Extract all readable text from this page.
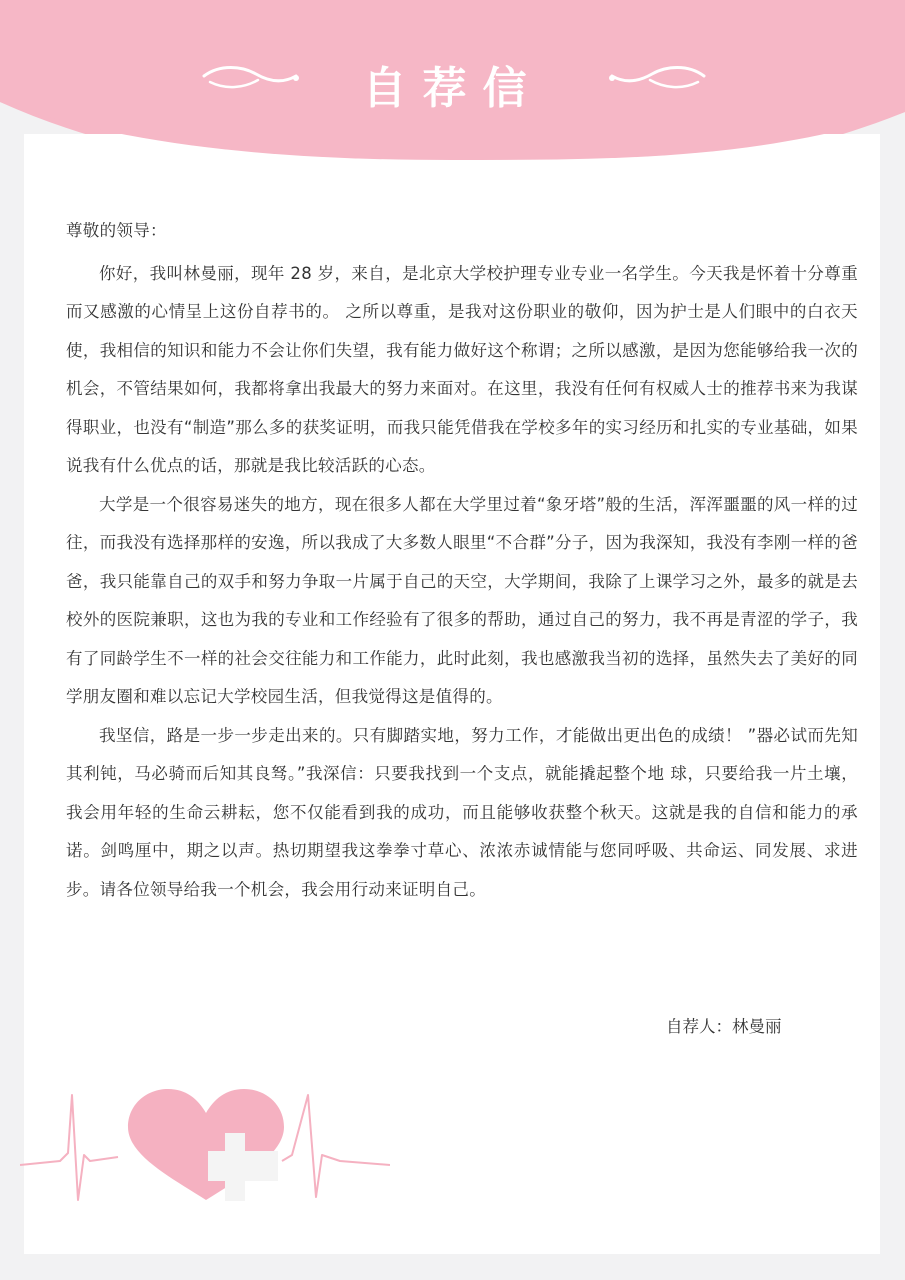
自荐信

尊敬的领导：

你好，我叫林曼丽，现年 28 岁，来自，是北京大学校护理专业专业一名学生。今天我是怀着十分尊重而又感激的心情呈上这份自荐书的。 之所以尊重，是我对这份职业的敬仰，因为护士是人们眼中的白衣天使，我相信的知识和能力不会让你们失望，我有能力做好这个称谓；之所以感激，是因为您能够给我一次的机会，不管结果如何，我都将拿出我最大的努力来面对。在这里，我没有任何有权威人士的推荐书来为我谋得职业，也没有“制造”那么多的获奖证明，而我只能凭借我在学校多年的实习经历和扎实的专业基础，如果说我有什么优点的话，那就是我比较活跃的心态。

大学是一个很容易迷失的地方，现在很多人都在大学里过着“象牙塔”般的生活，浑浑噩噩的风一样的过往，而我没有选择那样的安逸，所以我成了大多数人眼里“不合群”分子，因为我深知，我没有李刚一样的爸爸，我只能靠自己的双手和努力争取一片属于自己的天空，大学期间，我除了上课学习之外，最多的就是去校外的医院兼职，这也为我的专业和工作经验有了很多的帮助，通过自己的努力，我不再是青涩的学子，我有了同龄学生不一样的社会交往能力和工作能力，此时此刻，我也感激我当初的选择，虽然失去了美好的同学朋友圈和难以忘记大学校园生活，但我觉得这是值得的。

我坚信，路是一步一步走出来的。只有脚踏实地，努力工作，才能做出更出色的成绩！ ”器必试而先知其利钝，马必骑而后知其良驽。”我深信：只要我找到一个支点，就能撬起整个地 球，只要给我一片土壤，我会用年轻的生命云耕耘，您不仅能看到我的成功，而且能够收获整个秋天。这就是我的自信和能力的承诺。剑鸣厘中，期之以声。热切期望我这拳拳寸草心、浓浓赤诚情能与您同呼吸、共命运、同发展、求进步。请各位领导给我一个机会，我会用行动来证明自己。

自荐人：林曼丽
